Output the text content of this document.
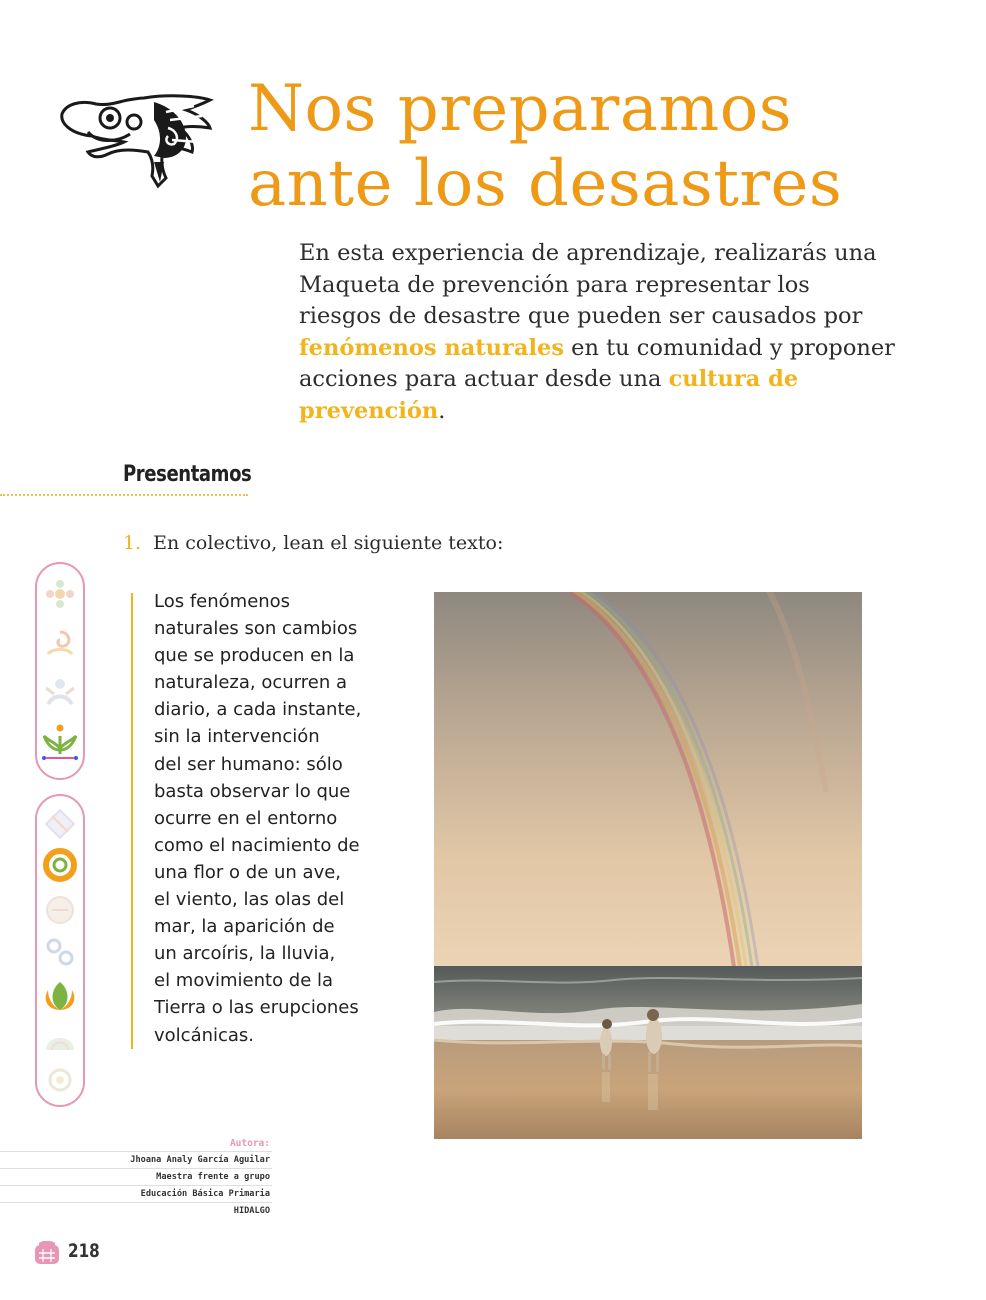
Nos preparamos
ante los desastres
En esta experiencia de aprendizaje, realizarás una Maqueta de prevención para representar los riesgos de desastre que pueden ser causados por fenómenos naturales en tu comunidad y proponer acciones para actuar desde una cultura de prevención.
Presentamos
1. En colectivo, lean el siguiente texto:
Los fenómenos
naturales son cambios
que se producen en la
naturaleza, ocurren a
diario, a cada instante,
sin la intervención
del ser humano: sólo
basta observar lo que
ocurre en el entorno
como el nacimiento de
una flor o de un ave,
el viento, las olas del
mar, la aparición de
un arcoíris, la lluvia,
el movimiento de la
Tierra o las erupciones
volcánicas.
Autora:
Jhoana Analy García Aguilar
Maestra frente a grupo
Educación Básica Primaria
HIDALGO
218
